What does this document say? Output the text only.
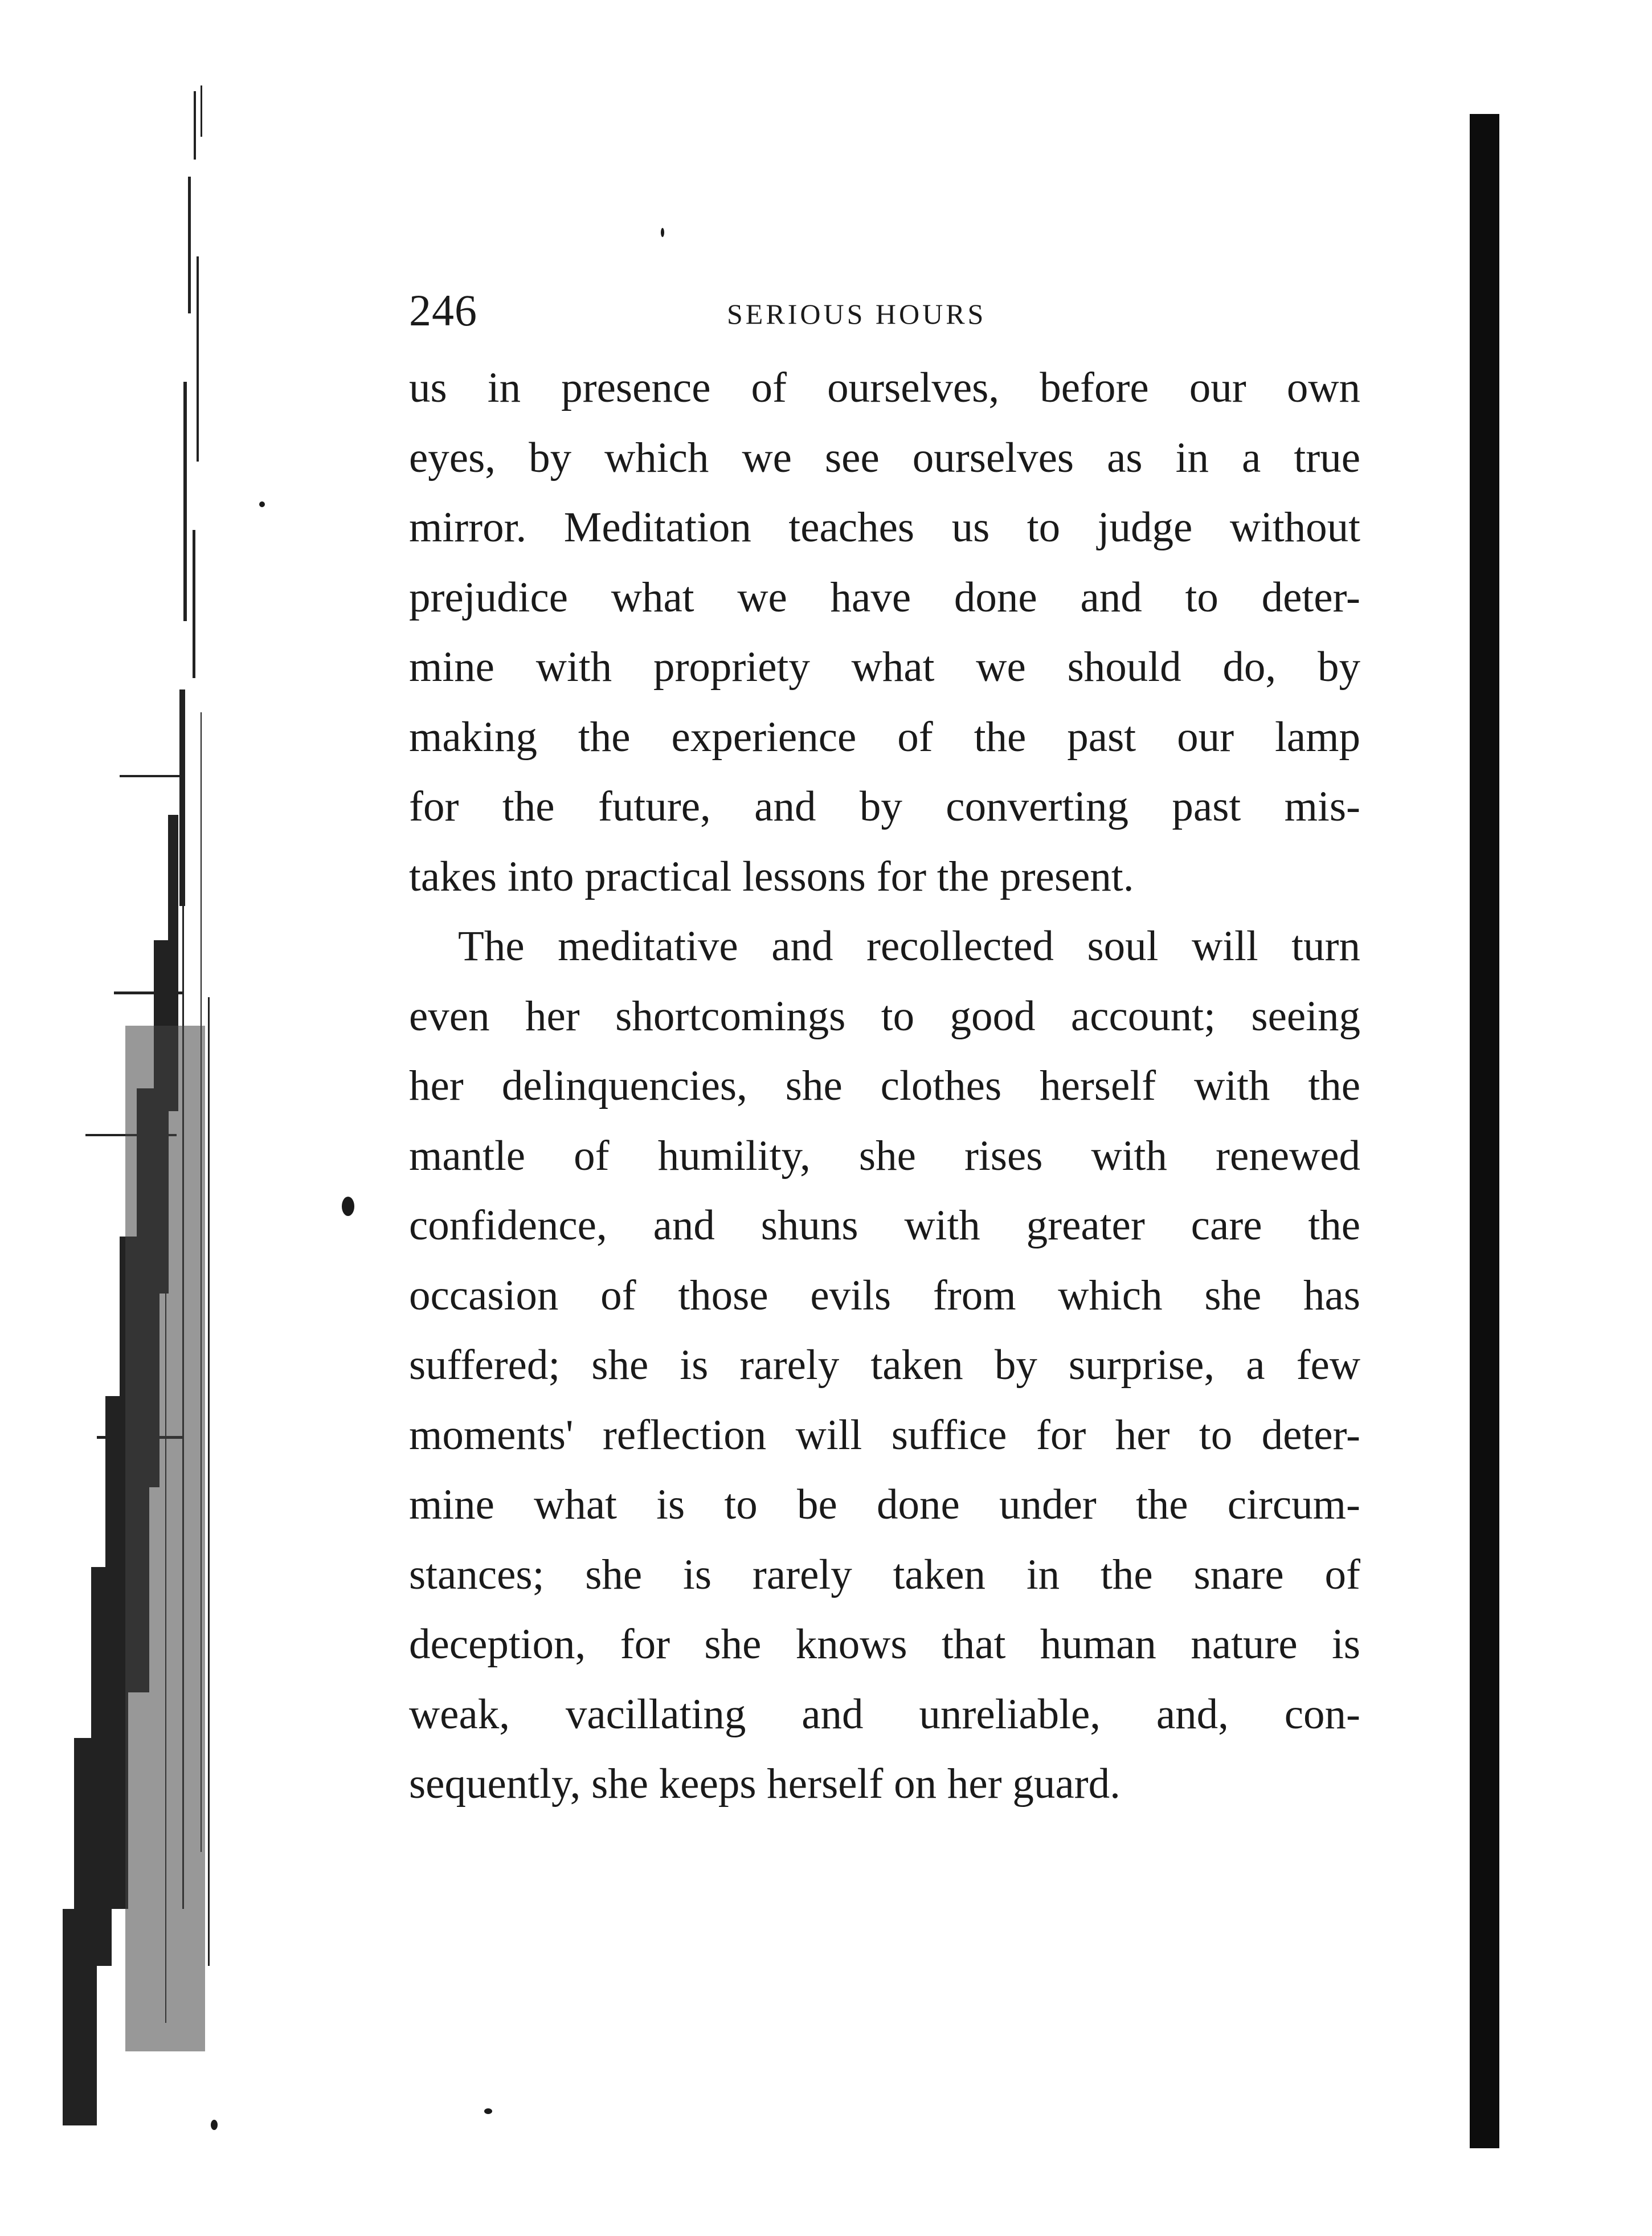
246	SERIOUS HOURS
us in presence of ourselves, before our own
eyes, by which we see ourselves as in a true
mirror. Meditation teaches us to judge without
prejudice what we have done and to deter-
mine with propriety what we should do, by
making the experience of the past our lamp
for the future, and by converting past mis-
takes into practical lessons for the present.
The meditative and recollected soul will turn
even her shortcomings to good account; seeing
her delinquencies, she clothes herself with the
mantle of humility, she rises with renewed
confidence, and shuns with greater care the
occasion of those evils from which she has
suffered; she is rarely taken by surprise, a few
moments' reflection will suffice for her to deter-
mine what is to be done under the circum-
stances; she is rarely taken in the snare of
deception, for she knows that human nature is
weak, vacillating and unreliable, and, con-
sequently, she keeps herself on her guard.
